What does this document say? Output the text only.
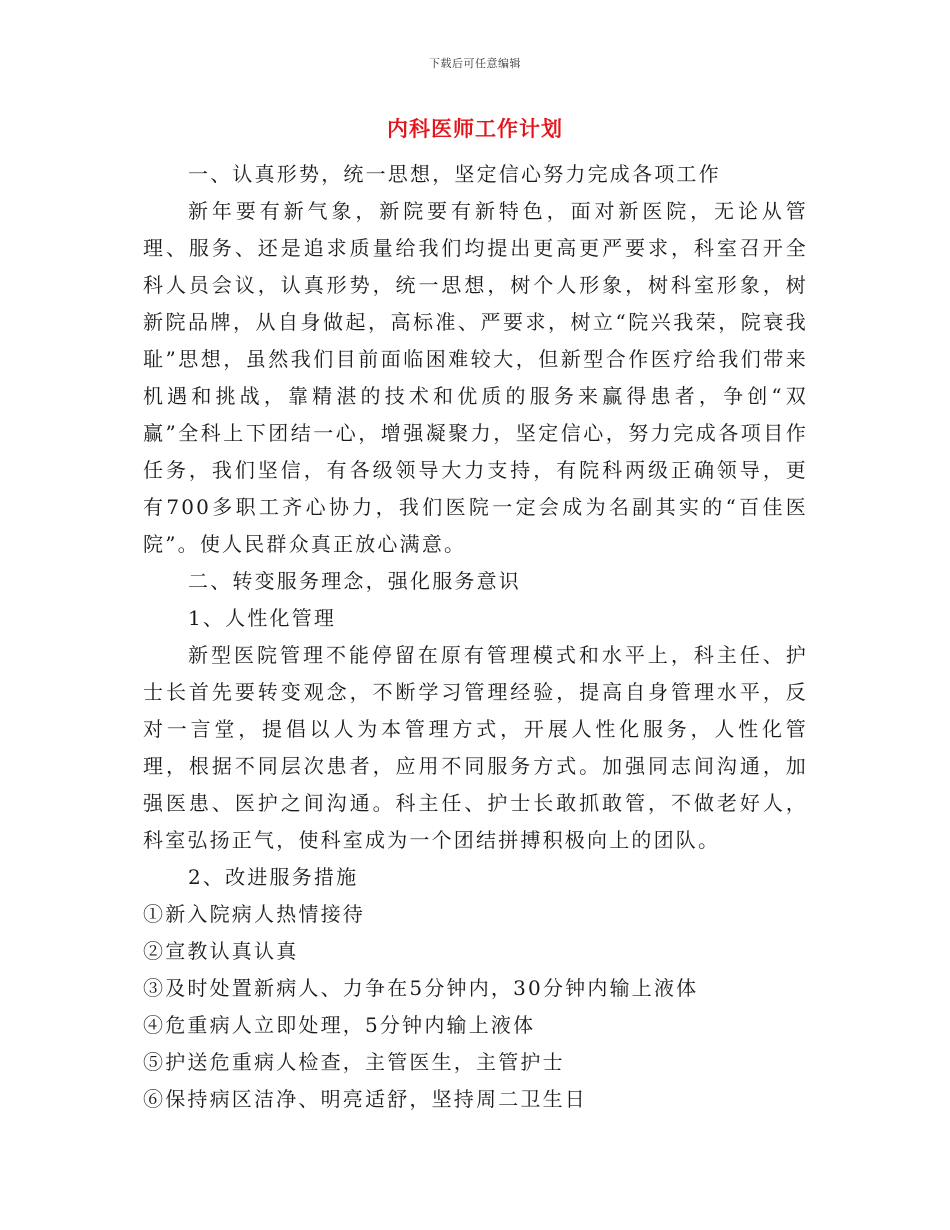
下载后可任意编辑
内科医师工作计划

一、认真形势，统一思想，坚定信心努力完成各项工作

新年要有新气象，新院要有新特色，面对新医院，无论从管理、服务、还是追求质量给我们均提出更高更严要求，科室召开全科人员会议，认真形势，统一思想，树个人形象，树科室形象，树新院品牌，从自身做起，高标准、严要求，树立“院兴我荣，院衰我耻”思想，虽然我们目前面临困难较大，但新型合作医疗给我们带来机遇和挑战，靠精湛的技术和优质的服务来赢得患者，争创“双赢”全科上下团结一心，增强凝聚力，坚定信心，努力完成各项目作任务，我们坚信，有各级领导大力支持，有院科两级正确领导，更有700多职工齐心协力，我们医院一定会成为名副其实的“百佳医院”。使人民群众真正放心满意。

二、转变服务理念，强化服务意识

1、人性化管理

新型医院管理不能停留在原有管理模式和水平上，科主任、护士长首先要转变观念，不断学习管理经验，提高自身管理水平，反对一言堂，提倡以人为本管理方式，开展人性化服务，人性化管理，根据不同层次患者，应用不同服务方式。加强同志间沟通，加强医患、医护之间沟通。科主任、护士长敢抓敢管，不做老好人，科室弘扬正气，使科室成为一个团结拼搏积极向上的团队。

2、改进服务措施

①新入院病人热情接待

②宣教认真认真

③及时处置新病人、力争在5分钟内，30分钟内输上液体

④危重病人立即处理，5分钟内输上液体

⑤护送危重病人检查，主管医生，主管护士

⑥保持病区洁净、明亮适舒，坚持周二卫生日
